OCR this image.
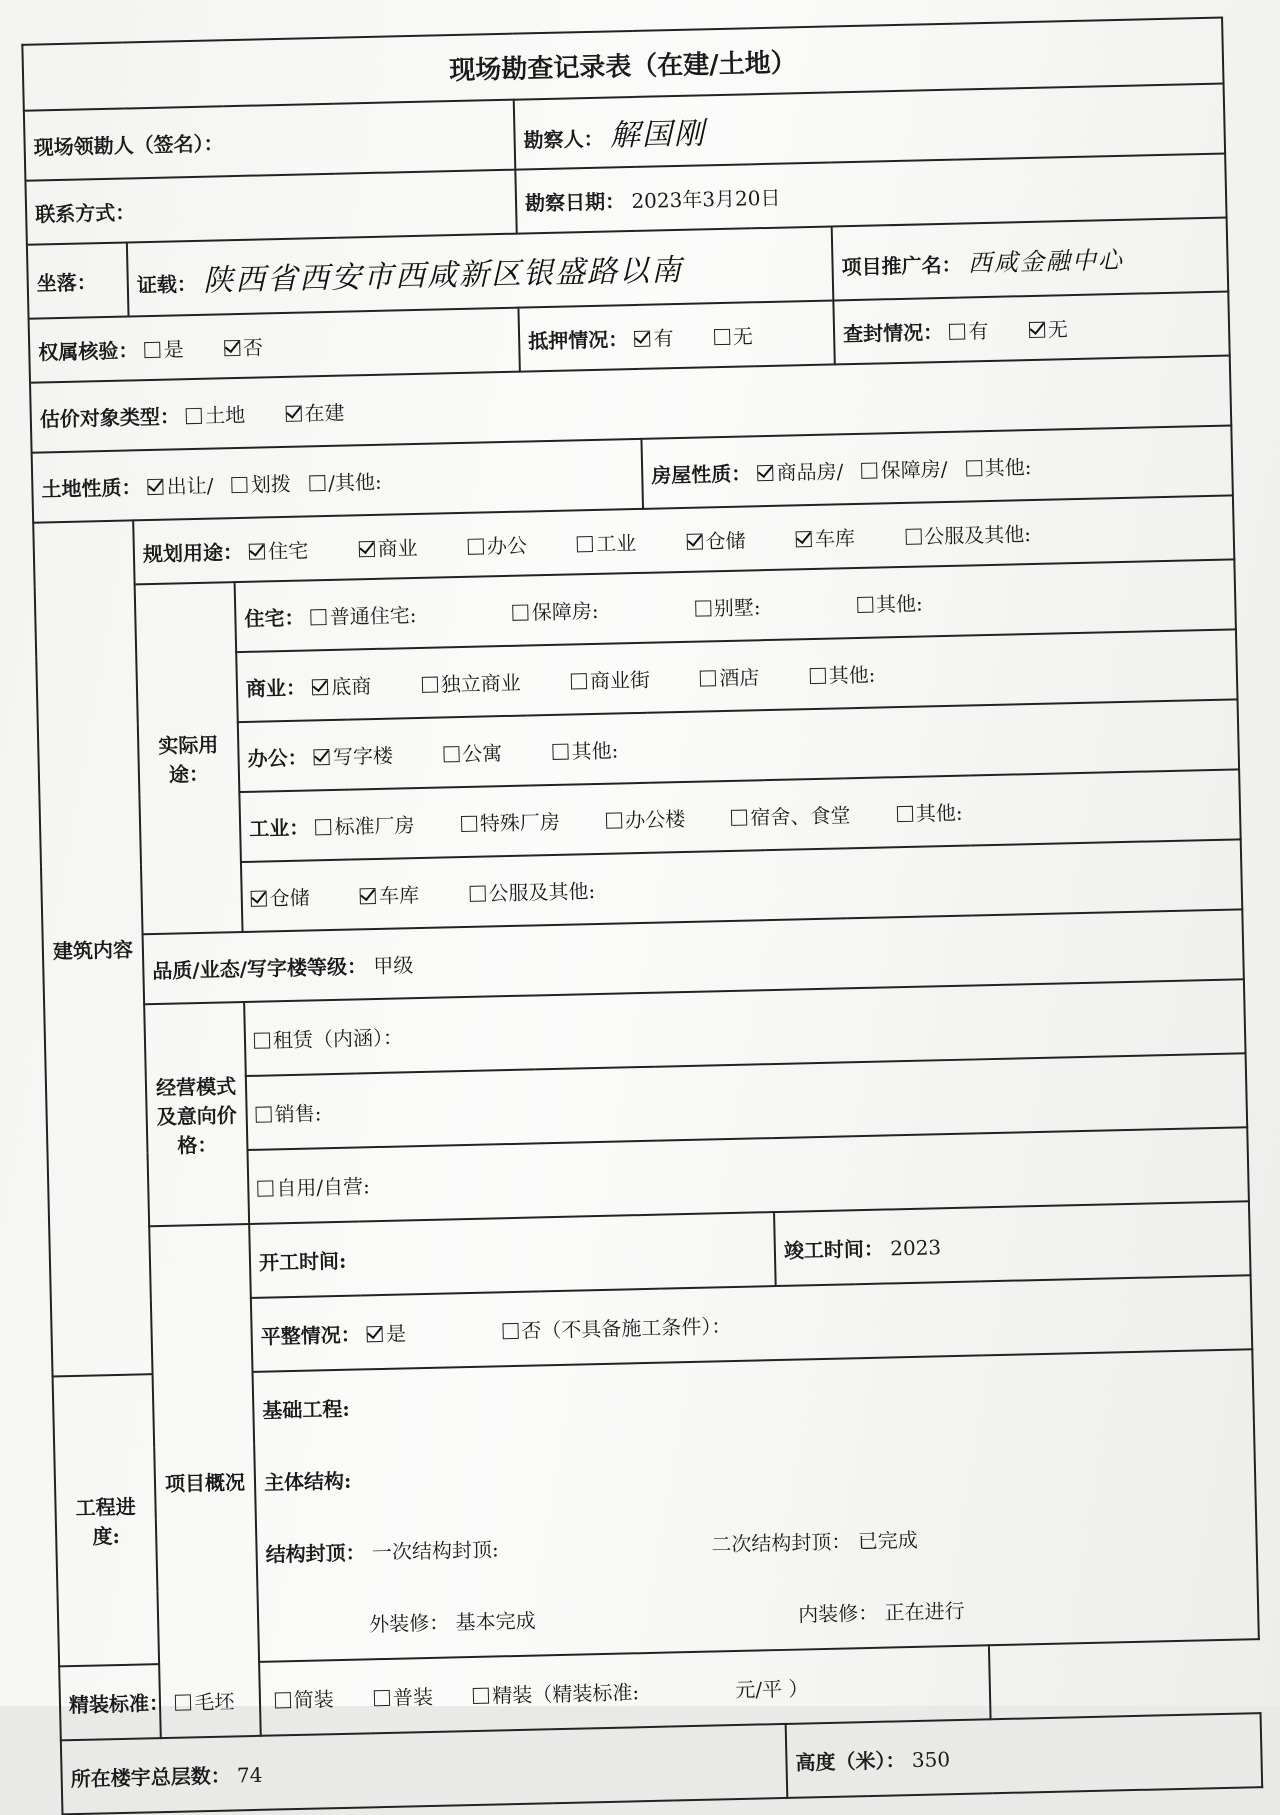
现场勘查记录表（在建/土地）						
现场领勘人（签名）：			勘察人： 解国刚			
联系方式：			勘察日期： 2023年3月20日			
坐落：	证载： 陕西省西安市西咸新区银盛路以南					项目推广名： 西咸金融中心
权属核验： 是 否			抵押情况： 有 无			查封情况： 有 无
估价对象类型： 土地 在建						
土地性质： 出让/ 划拨 /其他:				房屋性质： 商品房/ 保障房/ 其他:		
建筑内容	规划用途： 住宅 商业 办公 工业 仓储 车库 公服及其他:					
	实际用途：	住宅： 普通住宅: 保障房: 别墅: 其他:				
		商业： 底商 独立商业 商业街 酒店 其他:				
		办公： 写字楼 公寓 其他:				
		工业： 标准厂房 特殊厂房 办公楼 宿舍、食堂 其他:				
		仓储 车库 公服及其他:				
	品质/业态/写字楼等级： 甲级					
	经营模式及意向价格：	租赁（内涵）：				
		销售:				
		自用/自营:				
	项目概况	开工时间:			竣工时间： 2023	
		平整情况： 是 否（不具备施工条件）：				
工程进度:		基础工程:				
		主体结构:				
		结构封顶： 一次结构封顶: 二次结构封顶： 已完成				
		外装修： 基本完成 内装修： 正在进行				
精装标准： 毛坯 简装 普装 精装（精装标准: 元/平 ）						
所在楼宇总层数： 74					高度（米）： 350	
